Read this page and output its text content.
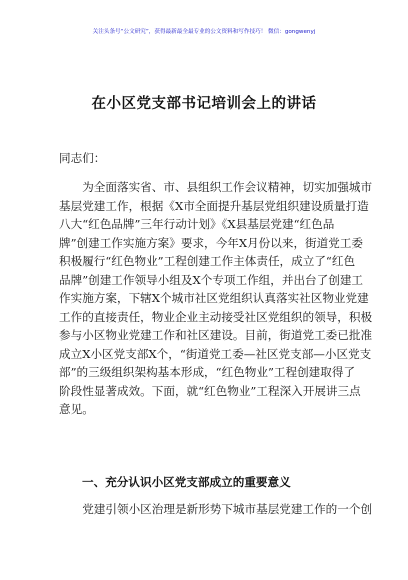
关注头条号“公文研究”，获得最新最全最专业的公文资料和写作技巧！ 微信：gongwenyj
在小区党支部书记培训会上的讲话
同志们：
　　为全面落实省、市、县组织工作会议精神，切实加强城市
基层党建工作，根据《X市全面提升基层党组织建设质量打造
八大“红色品牌”三年行动计划》《X县基层党建“红色品
牌”创建工作实施方案》要求，今年X月份以来，街道党工委
积极履行“红色物业”工程创建工作主体责任，成立了“红色
品牌”创建工作领导小组及X个专项工作组，并出台了创建工
作实施方案，下辖X个城市社区党组织认真落实社区物业党建
工作的直接责任，物业企业主动接受社区党组织的领导，积极
参与小区物业党建工作和社区建设。目前，街道党工委已批准
成立X小区党支部X个，“街道党工委—社区党支部—小区党支
部”的三级组织架构基本形成，“红色物业”工程创建取得了
阶段性显著成效。下面，就“红色物业”工程深入开展讲三点
意见。
一、充分认识小区党支部成立的重要意义
　　党建引领小区治理是新形势下城市基层党建工作的一个创
